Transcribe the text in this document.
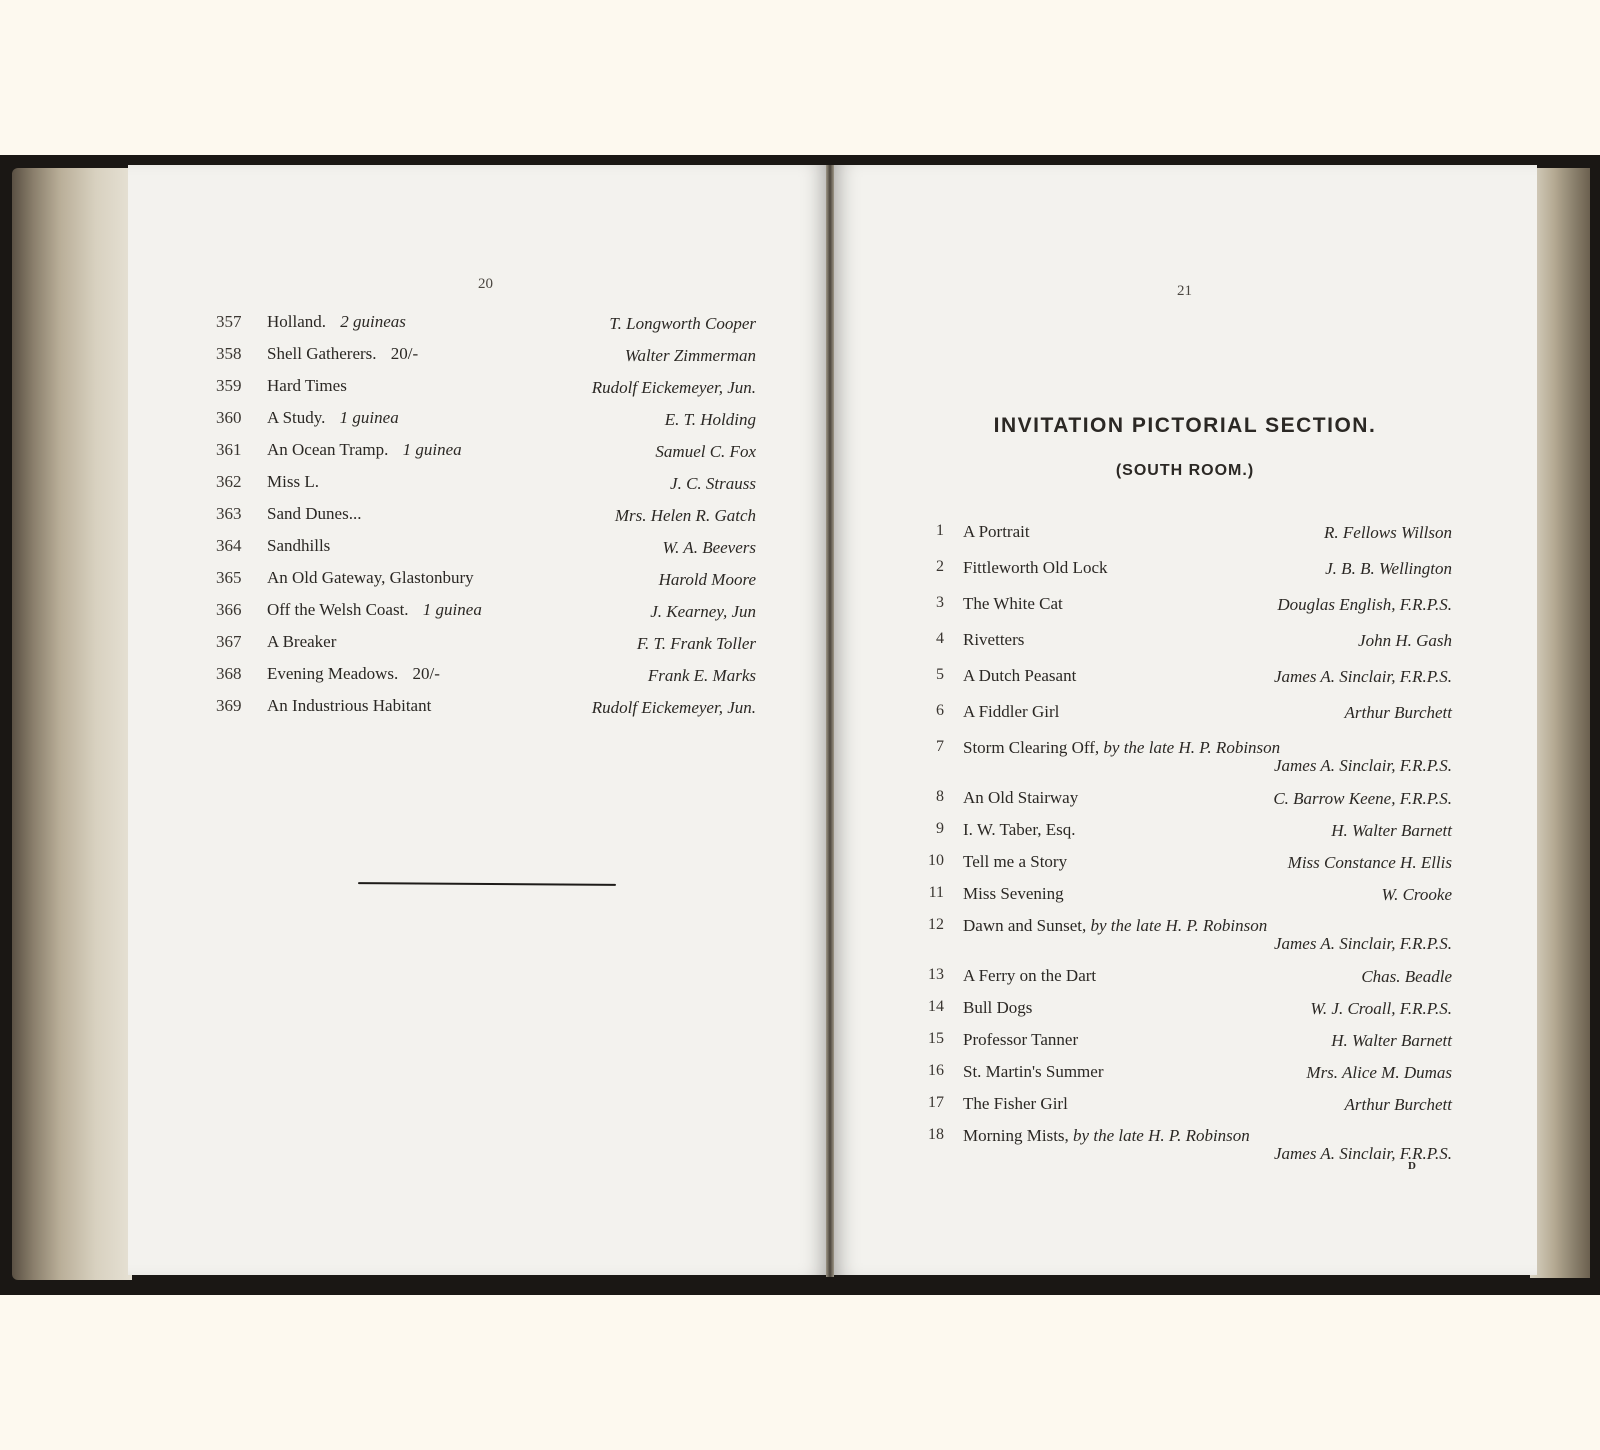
20	21
357 Holland. 2 guineas	T. Longworth Cooper
358 Shell Gatherers. 20/-	Walter Zimmerman
359 Hard Times	Rudolf Eickemeyer, Jun.
360 A Study. 1 guinea	E. T. Holding
361 An Ocean Tramp. 1 guinea	Samuel C. Fox
362 Miss L.	J. C. Strauss
363 Sand Dunes...	Mrs. Helen R. Gatch
364 Sandhills	W. A. Beevers
365 An Old Gateway, Glastonbury	Harold Moore
366 Off the Welsh Coast. 1 guinea	J. Kearney, Jun
367 A Breaker	F. T. Frank Toller
368 Evening Meadows. 20/-	Frank E. Marks
369 An Industrious Habitant	Rudolf Eickemeyer, Jun.
INVITATION PICTORIAL SECTION.
(SOUTH ROOM.)
1 A Portrait	R. Fellows Willson
2 Fittleworth Old Lock	J. B. B. Wellington
3 The White Cat	Douglas English, F.R.P.S.
4 Rivetters	John H. Gash
5 A Dutch Peasant	James A. Sinclair, F.R.P.S.
6 A Fiddler Girl	Arthur Burchett
7 Storm Clearing Off, by the late H. P. Robinson
James A. Sinclair, F.R.P.S.
8 An Old Stairway	C. Barrow Keene, F.R.P.S.
9 I. W. Taber, Esq.	H. Walter Barnett
10 Tell me a Story	Miss Constance H. Ellis
11 Miss Sevening	W. Crooke
12 Dawn and Sunset, by the late H. P. Robinson
James A. Sinclair, F.R.P.S.
13 A Ferry on the Dart	Chas. Beadle
14 Bull Dogs	W. J. Croall, F.R.P.S.
15 Professor Tanner	H. Walter Barnett
16 St. Martin's Summer	Mrs. Alice M. Dumas
17 The Fisher Girl	Arthur Burchett
18 Morning Mists, by the late H. P. Robinson
James A. Sinclair, F.R.P.S.
D
